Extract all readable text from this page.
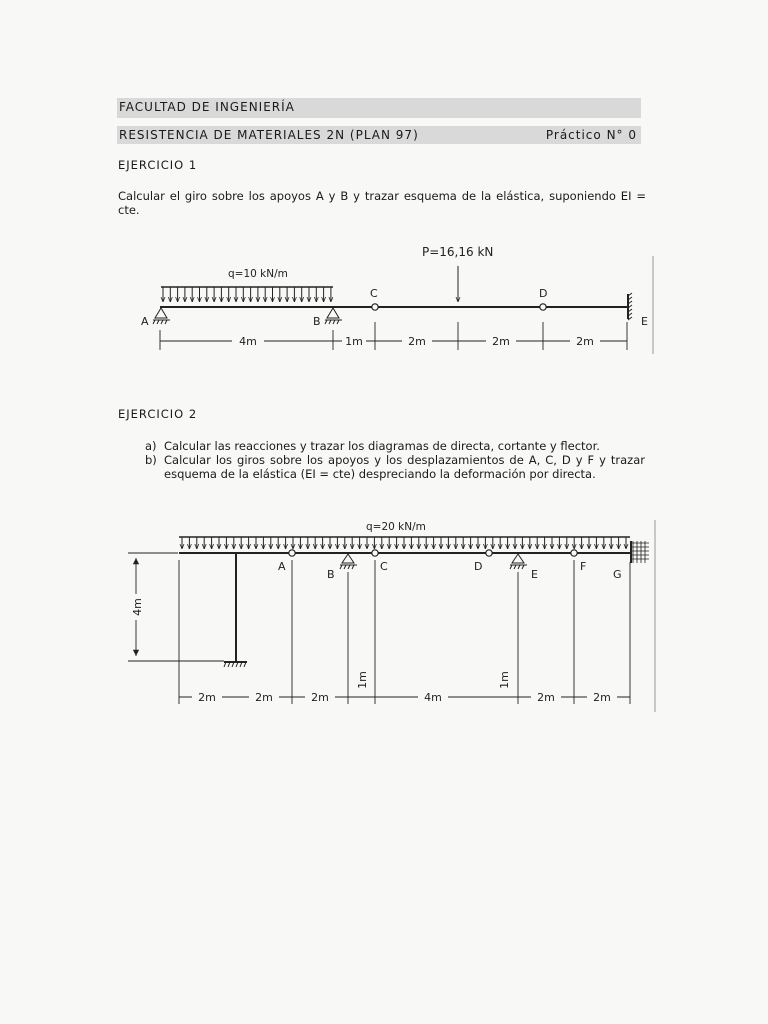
FACULTAD DE INGENIERÍA
RESISTENCIA DE MATERIALES 2N (PLAN 97)	Práctico N° 0
EJERCICIO 1
Calcular el giro sobre los apoyos A y B y trazar esquema de la elástica, suponiendo EI = cte.
EJERCICIO 2
a) Calcular las reacciones y trazar los diagramas de directa, cortante y flector.
b) Calcular los giros sobre los apoyos y los desplazamientos de A, C, D y F y trazar esquema de la elástica (EI = cte) despreciando la deformación por directa.
q=10 kN/m
P=16,16 kN
A	B
C	D
E
4m	1m	2m	2m	2m
q=20 kN/m
A
B
C	D
E
F
G
4m
1m	1m
2m	2m	2m	4m	2m	2m
